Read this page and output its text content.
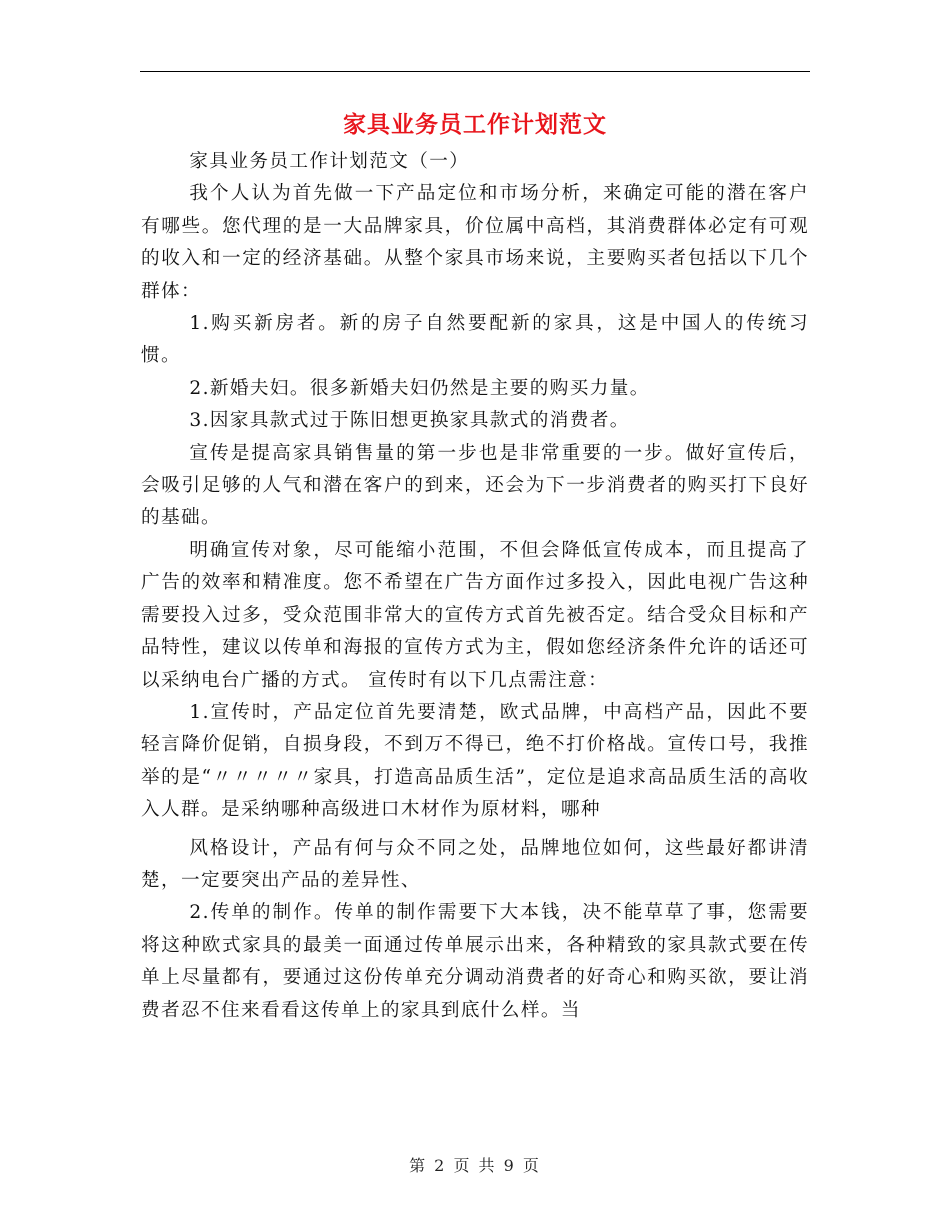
家具业务员工作计划范文

家具业务员工作计划范文（一）

我个人认为首先做一下产品定位和市场分析，来确定可能的潜在客户有哪些。您代理的是一大品牌家具，价位属中高档，其消费群体必定有可观的收入和一定的经济基础。从整个家具市场来说，主要购买者包括以下几个群体：

1.购买新房者。新的房子自然要配新的家具，这是中国人的传统习惯。

2.新婚夫妇。很多新婚夫妇仍然是主要的购买力量。

3.因家具款式过于陈旧想更换家具款式的消费者。

宣传是提高家具销售量的第一步也是非常重要的一步。做好宣传后，会吸引足够的人气和潜在客户的到来，还会为下一步消费者的购买打下良好的基础。

明确宣传对象，尽可能缩小范围，不但会降低宣传成本，而且提高了广告的效率和精准度。您不希望在广告方面作过多投入，因此电视广告这种需要投入过多，受众范围非常大的宣传方式首先被否定。结合受众目标和产品特性，建议以传单和海报的宣传方式为主，假如您经济条件允许的话还可以采纳电台广播的方式。 宣传时有以下几点需注意：

1.宣传时，产品定位首先要清楚，欧式品牌，中高档产品，因此不要轻言降价促销，自损身段，不到万不得已，绝不打价格战。宣传口号，我推举的是“〃〃〃〃〃家具，打造高品质生活”，定位是追求高品质生活的高收入人群。是采纳哪种高级进口木材作为原材料，哪种

风格设计，产品有何与众不同之处，品牌地位如何，这些最好都讲清楚，一定要突出产品的差异性、

2.传单的制作。传单的制作需要下大本钱，决不能草草了事，您需要将这种欧式家具的最美一面通过传单展示出来，各种精致的家具款式要在传单上尽量都有，要通过这份传单充分调动消费者的好奇心和购买欲，要让消费者忍不住来看看这传单上的家具到底什么样。当

第 2 页 共 9 页
